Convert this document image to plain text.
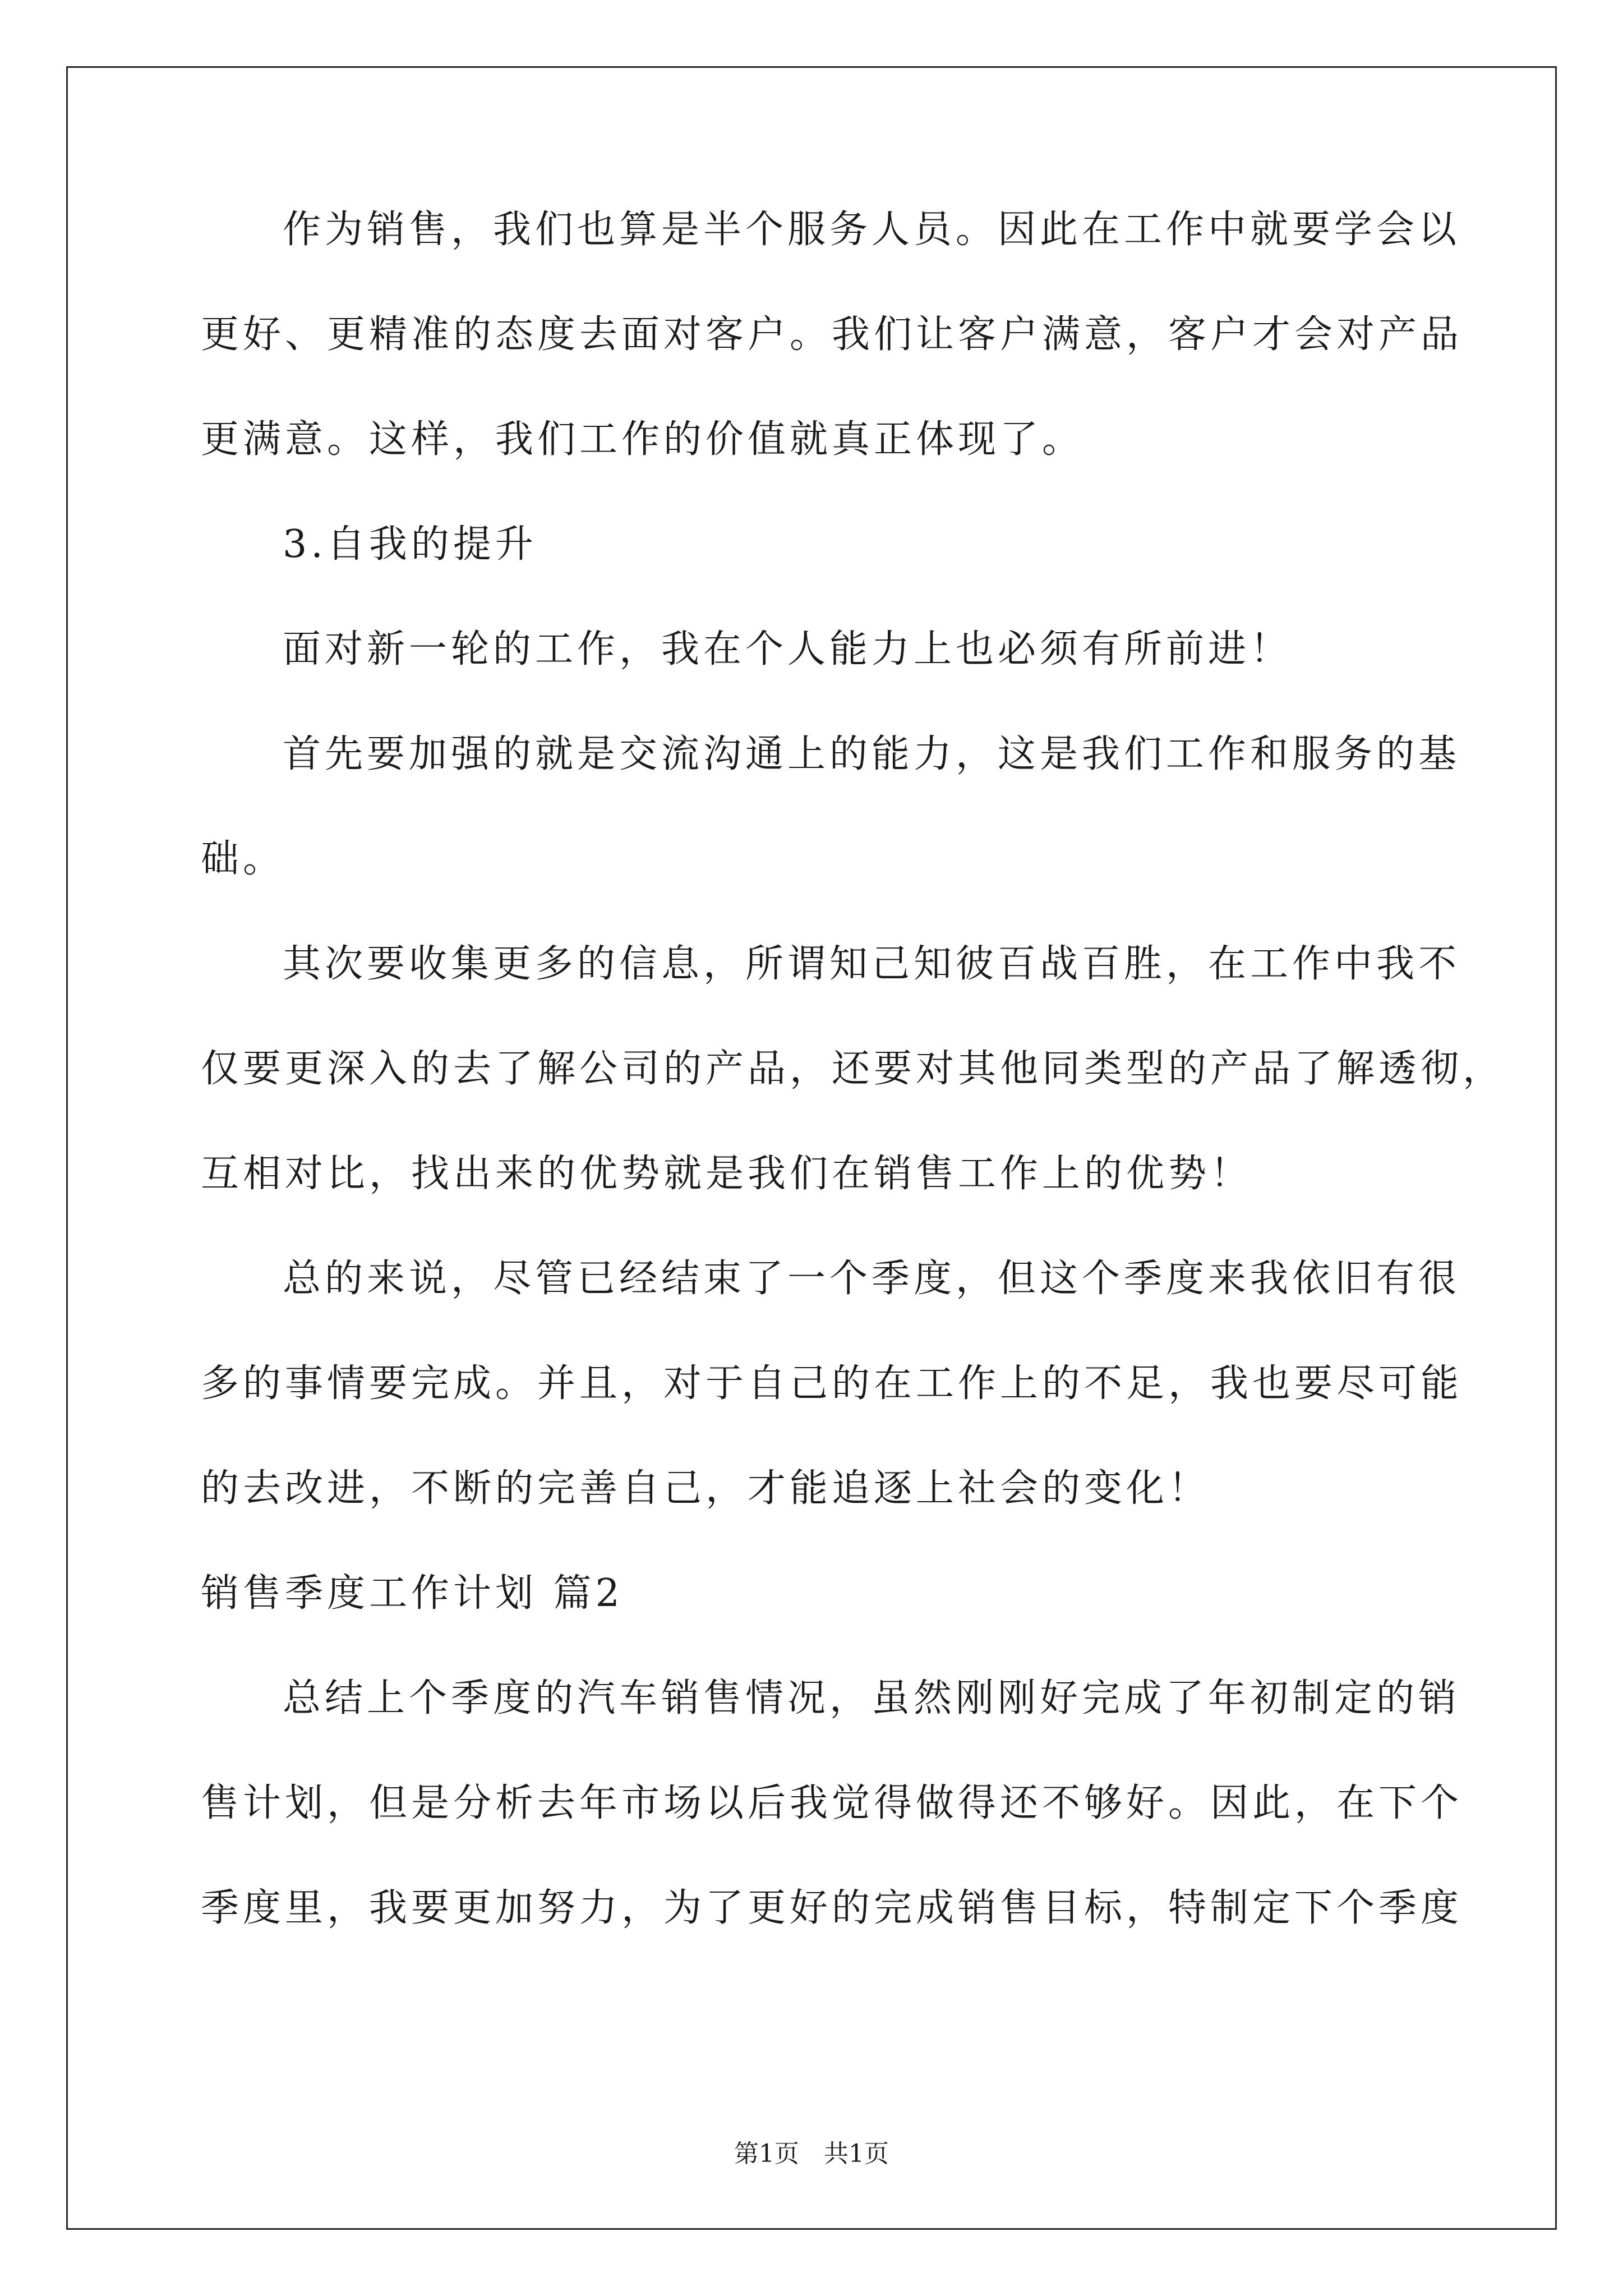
作为销售，我们也算是半个服务人员。因此在工作中就要学会以
更好、更精准的态度去面对客户。我们让客户满意，客户才会对产品
更满意。这样，我们工作的价值就真正体现了。
3.自我的提升
面对新一轮的工作，我在个人能力上也必须有所前进！
首先要加强的就是交流沟通上的能力，这是我们工作和服务的基
础。
其次要收集更多的信息，所谓知己知彼百战百胜，在工作中我不
仅要更深入的去了解公司的产品，还要对其他同类型的产品了解透彻，
互相对比，找出来的优势就是我们在销售工作上的优势！
总的来说，尽管已经结束了一个季度，但这个季度来我依旧有很
多的事情要完成。并且，对于自己的在工作上的不足，我也要尽可能
的去改进，不断的完善自己，才能追逐上社会的变化！
销售季度工作计划 篇2
总结上个季度的汽车销售情况，虽然刚刚好完成了年初制定的销
售计划，但是分析去年市场以后我觉得做得还不够好。因此，在下个
季度里，我要更加努力，为了更好的完成销售目标，特制定下个季度
第1页　共1页
